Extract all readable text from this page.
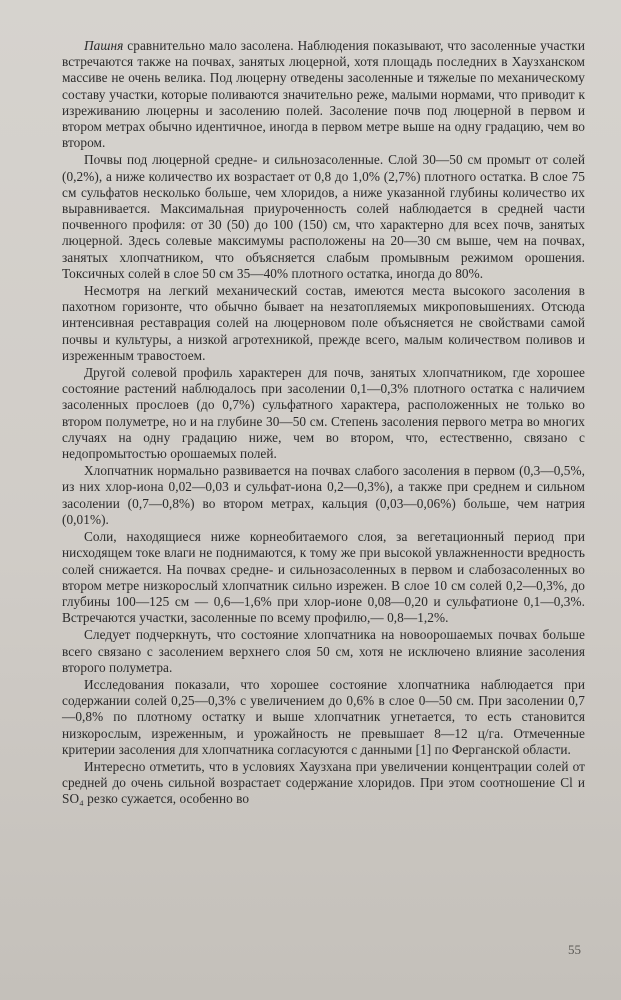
Пашня сравнительно мало засолена. Наблюдения показывают, что засоленные участки встречаются также на почвах, занятых люцерной, хотя площадь последних в Хаузханском массиве не очень велика. Под люцерну отведены засоленные и тяжелые по механическому составу участки, которые поливаются значительно реже, малыми нормами, что приводит к изреживанию люцерны и засолению полей. Засоление почв под люцерной в первом и втором метрах обычно идентичное, иногда в первом метре выше на одну градацию, чем во втором.

Почвы под люцерной средне- и сильнозасоленные. Слой 30—50 см промыт от солей (0,2%), а ниже количество их возрастает от 0,8 до 1,0% (2,7%) плотного остатка. В слое 75 см сульфатов несколько больше, чем хлоридов, а ниже указанной глубины количество их выравнивается. Максимальная приуроченность солей наблюдается в средней части почвенного профиля: от 30 (50) до 100 (150) см, что характерно для всех почв, занятых люцерной. Здесь солевые максимумы расположены на 20—30 см выше, чем на почвах, занятых хлопчатником, что объясняется слабым промывным режимом орошения. Токсичных солей в слое 50 см 35—40% плотного остатка, иногда до 80%.

Несмотря на легкий механический состав, имеются места высокого засоления в пахотном горизонте, что обычно бывает на незатопляемых микроповышениях. Отсюда интенсивная реставрация солей на люцерновом поле объясняется не свойствами самой почвы и культуры, а низкой агротехникой, прежде всего, малым количеством поливов и изреженным травостоем.

Другой солевой профиль характерен для почв, занятых хлопчатником, где хорошее состояние растений наблюдалось при засолении 0,1—0,3% плотного остатка с наличием засоленных прослоев (до 0,7%) сульфатного характера, расположенных не только во втором полуметре, но и на глубине 30—50 см. Степень засоления первого метра во многих случаях на одну градацию ниже, чем во втором, что, естественно, связано с недопромытостью орошаемых полей.

Хлопчатник нормально развивается на почвах слабого засоления в первом (0,3—0,5%, из них хлор-иона 0,02—0,03 и сульфат-иона 0,2—0,3%), а также при среднем и сильном засолении (0,7—0,8%) во втором метрах, кальция (0,03—0,06%) больше, чем натрия (0,01%).

Соли, находящиеся ниже корнеобитаемого слоя, за вегетационный период при нисходящем токе влаги не поднимаются, к тому же при высокой увлажненности вредность солей снижается. На почвах средне- и сильнозасоленных в первом и слабозасоленных во втором метре низкорослый хлопчатник сильно изрежен. В слое 10 см солей 0,2—0,3%, до глубины 100—125 см — 0,6—1,6% при хлор-ионе 0,08—0,20 и сульфатионе 0,1—0,3%. Встречаются участки, засоленные по всему профилю,— 0,8—1,2%.

Следует подчеркнуть, что состояние хлопчатника на новоорошаемых почвах больше всего связано с засолением верхнего слоя 50 см, хотя не исключено влияние засоления второго полуметра.

Исследования показали, что хорошее состояние хлопчатника наблюдается при содержании солей 0,25—0,3% с увеличением до 0,6% в слое 0—50 см. При засолении 0,7—0,8% по плотному остатку и выше хлопчатник угнетается, то есть становится низкорослым, изреженным, и урожайность не превышает 8—12 ц/га. Отмеченные критерии засоления для хлопчатника согласуются с данными [1] по Ферганской области.

Интересно отметить, что в условиях Хаузхана при увеличении концентрации солей от средней до очень сильной возрастает содержание хлоридов. При этом соотношение Cl и SO₄ резко сужается, особенно во

55
